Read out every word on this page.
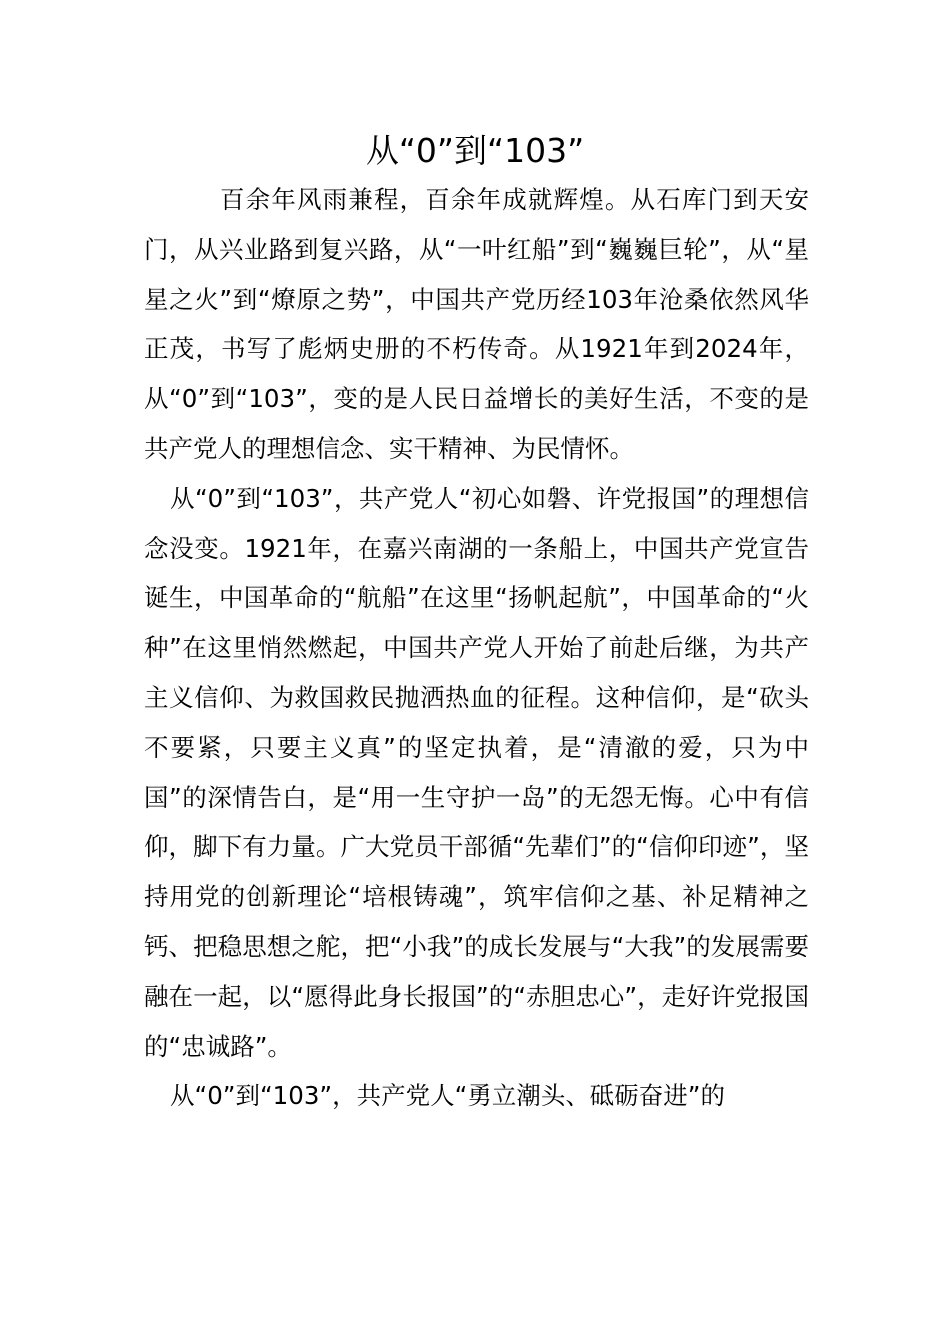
从“0”到“103”

百余年风雨兼程，百余年成就辉煌。从石库门到天安门，从兴业路到复兴路，从“一叶红船”到“巍巍巨轮”，从“星星之火”到“燎原之势”，中国共产党历经103年沧桑依然风华正茂，书写了彪炳史册的不朽传奇。从1921年到2024年，从“0”到“103”，变的是人民日益增长的美好生活，不变的是共产党人的理想信念、实干精神、为民情怀。

从“0”到“103”，共产党人“初心如磐、许党报国”的理想信念没变。1921年，在嘉兴南湖的一条船上，中国共产党宣告诞生，中国革命的“航船”在这里“扬帆起航”，中国革命的“火种”在这里悄然燃起，中国共产党人开始了前赴后继，为共产主义信仰、为救国救民抛洒热血的征程。这种信仰，是“砍头不要紧，只要主义真”的坚定执着，是“清澈的爱，只为中国”的深情告白，是“用一生守护一岛”的无怨无悔。心中有信仰，脚下有力量。广大党员干部循“先辈们”的“信仰印迹”，坚持用党的创新理论“培根铸魂”，筑牢信仰之基、补足精神之钙、把稳思想之舵，把“小我”的成长发展与“大我”的发展需要融在一起，以“愿得此身长报国”的“赤胆忠心”，走好许党报国的“忠诚路”。

从“0”到“103”，共产党人“勇立潮头、砥砺奋进”的
